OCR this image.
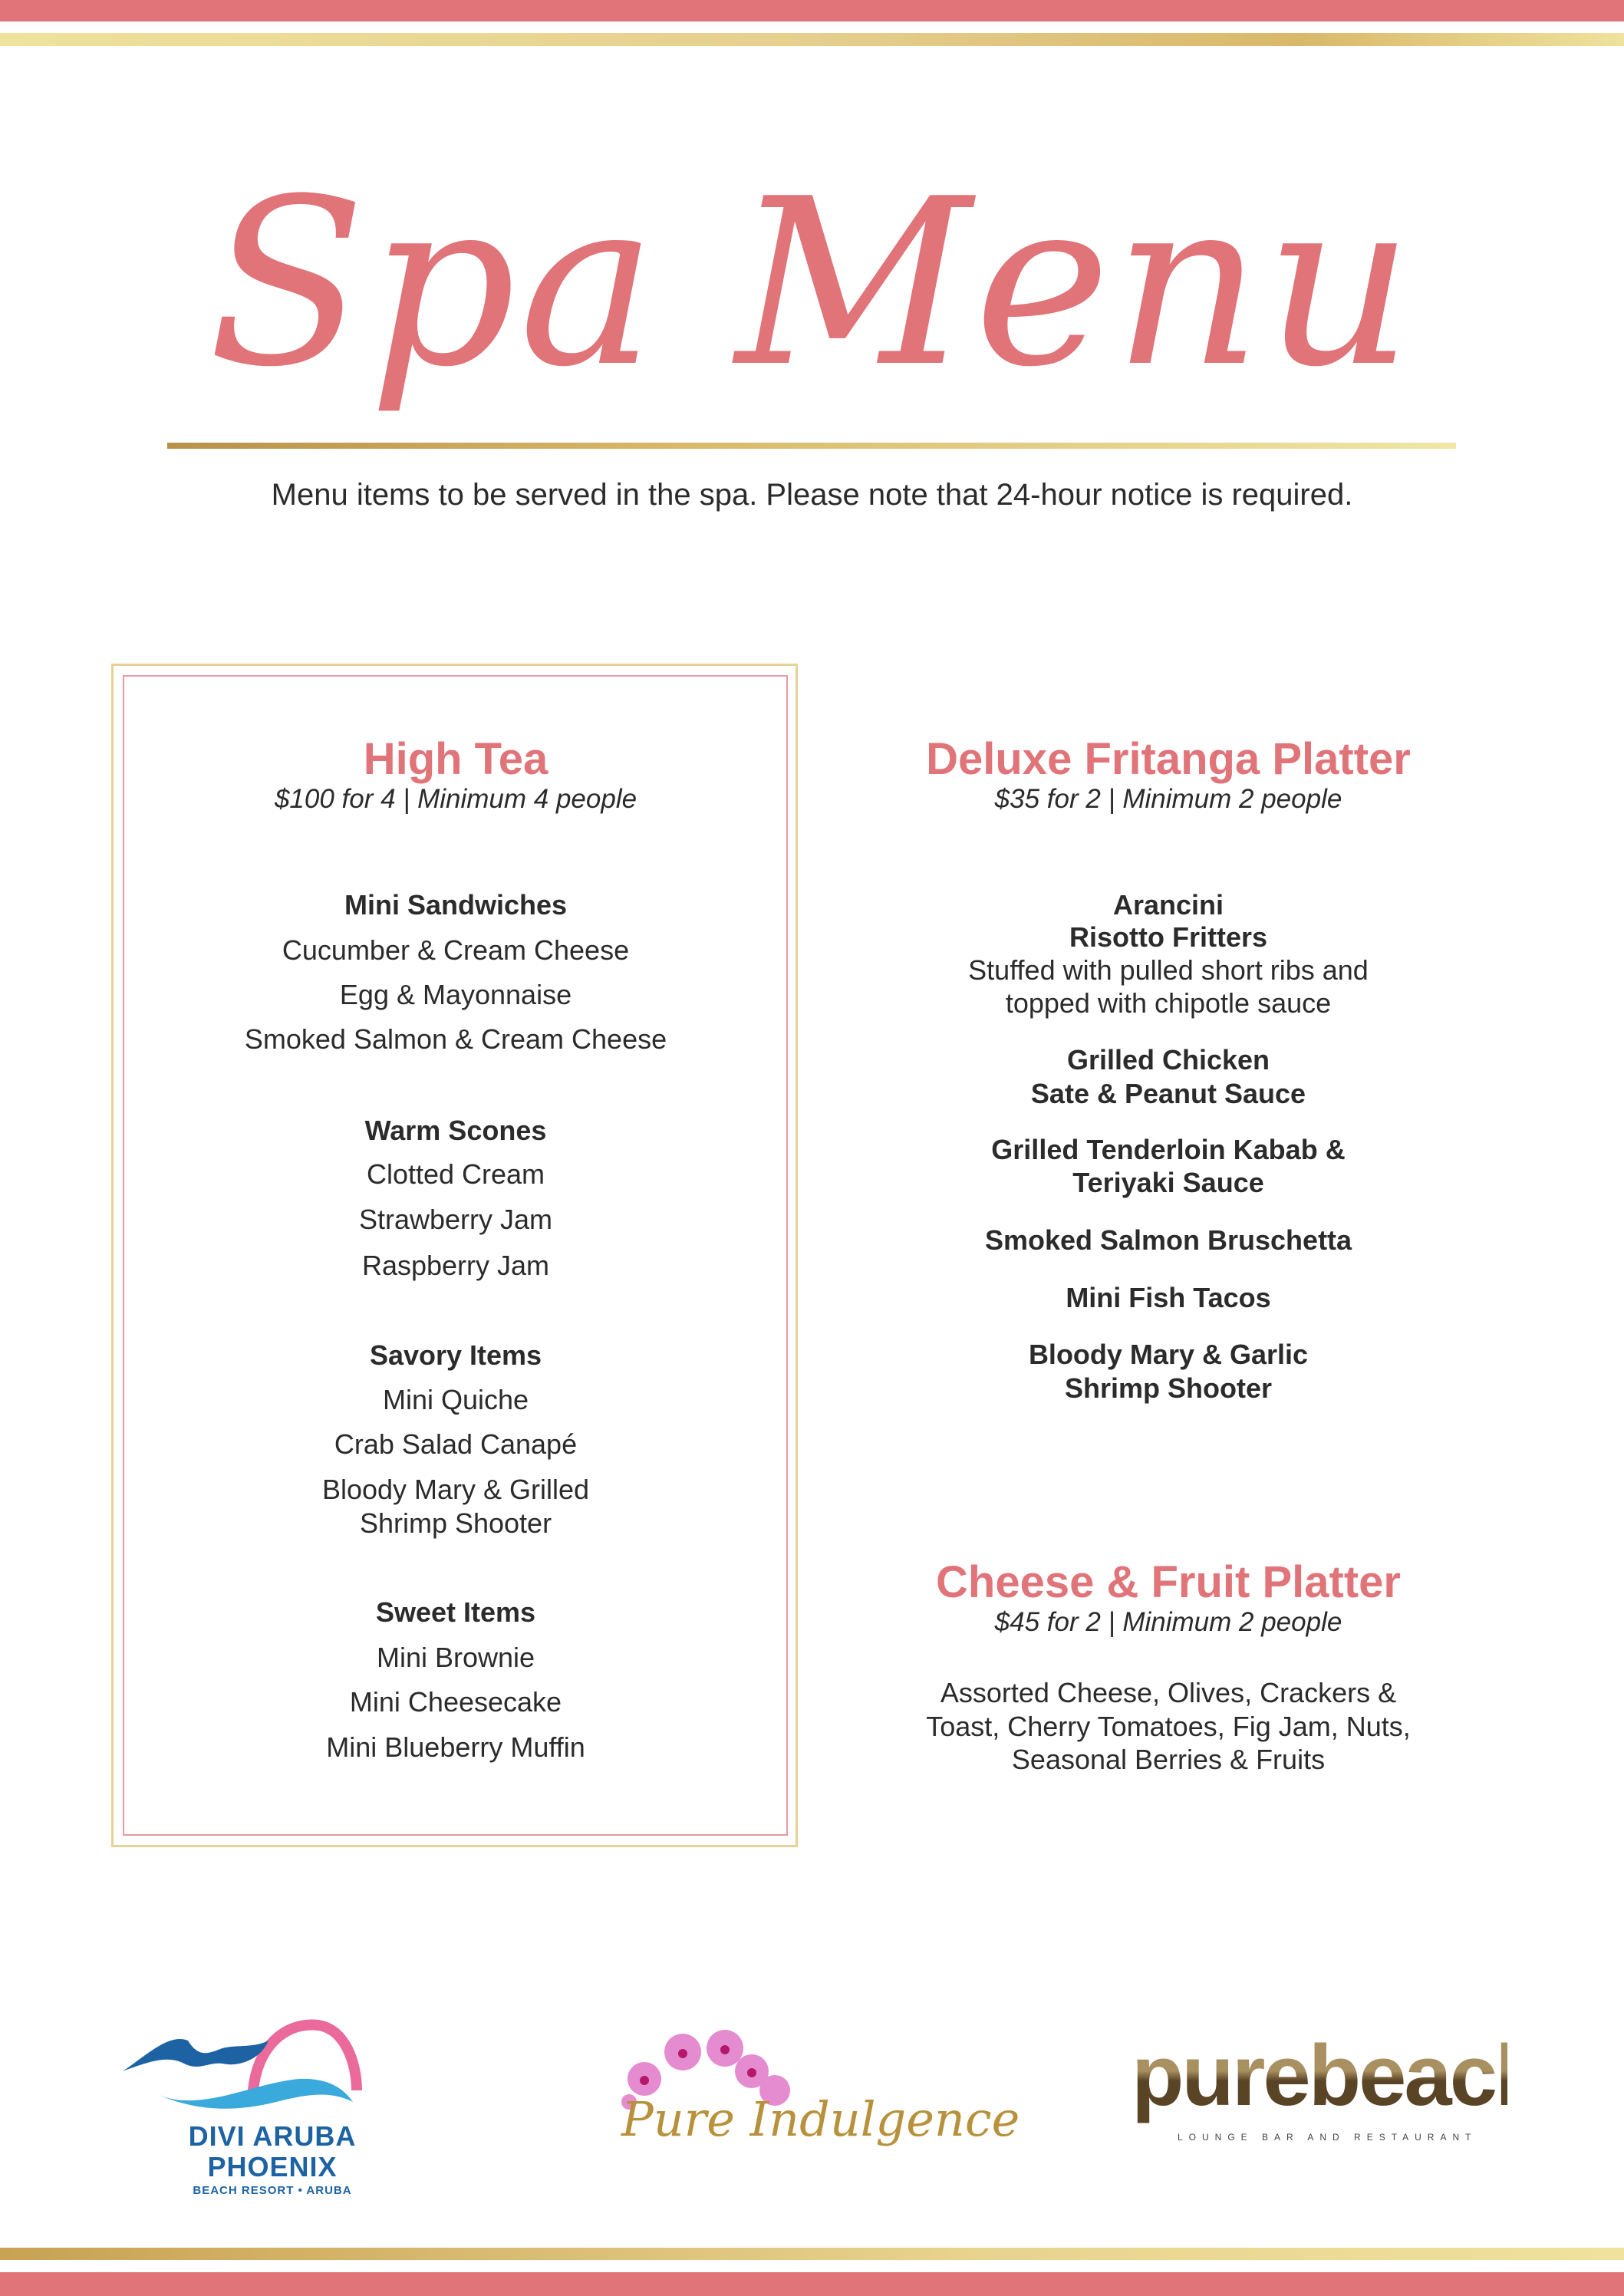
Spa Menu
Menu items to be served in the spa. Please note that 24-hour notice is required.
High Tea
$100 for 4 | Minimum 4 people
Mini Sandwiches
Cucumber & Cream Cheese
Egg & Mayonnaise
Smoked Salmon & Cream Cheese
Warm Scones
Clotted Cream
Strawberry Jam
Raspberry Jam
Savory Items
Mini Quiche
Crab Salad Canapé
Bloody Mary & Grilled
Shrimp Shooter
Sweet Items
Mini Brownie
Mini Cheesecake
Mini Blueberry Muffin
Deluxe Fritanga Platter
$35 for 2 | Minimum 2 people
Arancini
Risotto Fritters
Stuffed with pulled short ribs and
topped with chipotle sauce
Grilled Chicken
Sate & Peanut Sauce
Grilled Tenderloin Kabab &
Teriyaki Sauce
Smoked Salmon Bruschetta
Mini Fish Tacos
Bloody Mary & Garlic
Shrimp Shooter
Cheese & Fruit Platter
$45 for 2 | Minimum 2 people
Assorted Cheese, Olives, Crackers &
Toast, Cherry Tomatoes, Fig Jam, Nuts,
Seasonal Berries & Fruits
DIVI ARUBA PHOENIX
BEACH RESORT • ARUBA
Pure Indulgence purebeach
LOUNGE BAR AND RESTAURANT
